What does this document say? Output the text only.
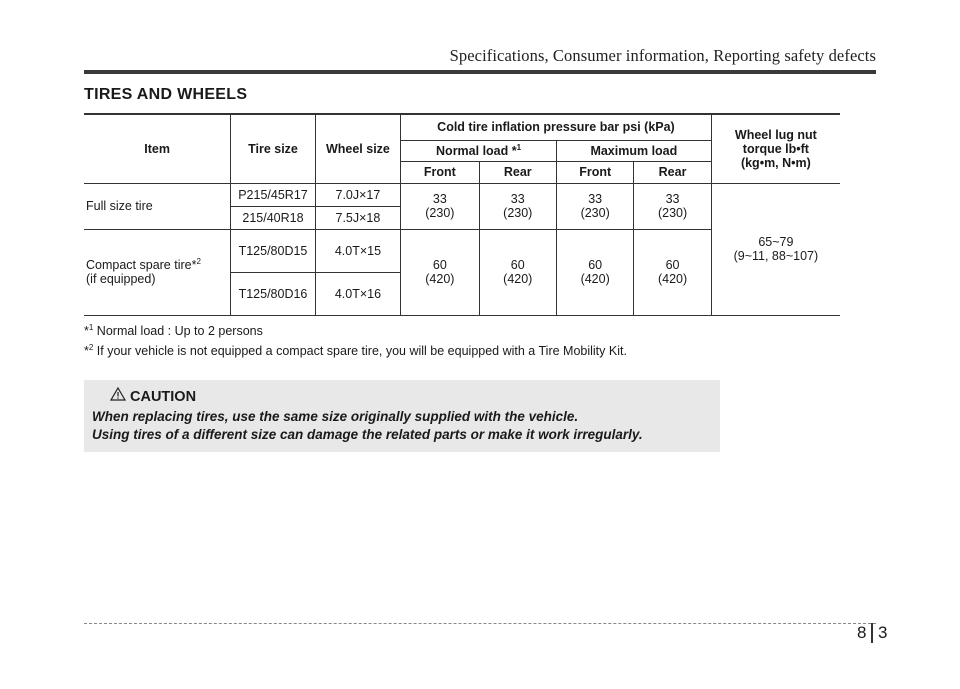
Specifications, Consumer information, Reporting safety defects
TIRES AND WHEELS
Item	Tire size	Wheel size	Cold tire inflation pressure bar psi (kPa)				Wheel lug nut
torque lb•ft
(kg•m, N•m)
			Normal load *$^1$		Maximum load		
			Front	Rear	Front	Rear	
Full size tire	P215/45R17	7.0J×17	33
(230)	33
(230)	33
(230)	33
(230)	65~79
(9~11, 88~107)
	215/40R18	7.5J×18					
Compact spare tire*$^2$
(if equipped)	T125/80D15	4.0T×15	60
(420)	60
(420)	60
(420)	60
(420)	
	T125/80D16	4.0T×16					
*$^1$ Normal load : Up to 2 persons
*$^2$ If your vehicle is not equipped a compact spare tire, you will be equipped with a Tire Mobility Kit.
CAUTION
When replacing tires, use the same size originally supplied with the vehicle.
Using tires of a different size can damage the related parts or make it work irregularly.
8 3
